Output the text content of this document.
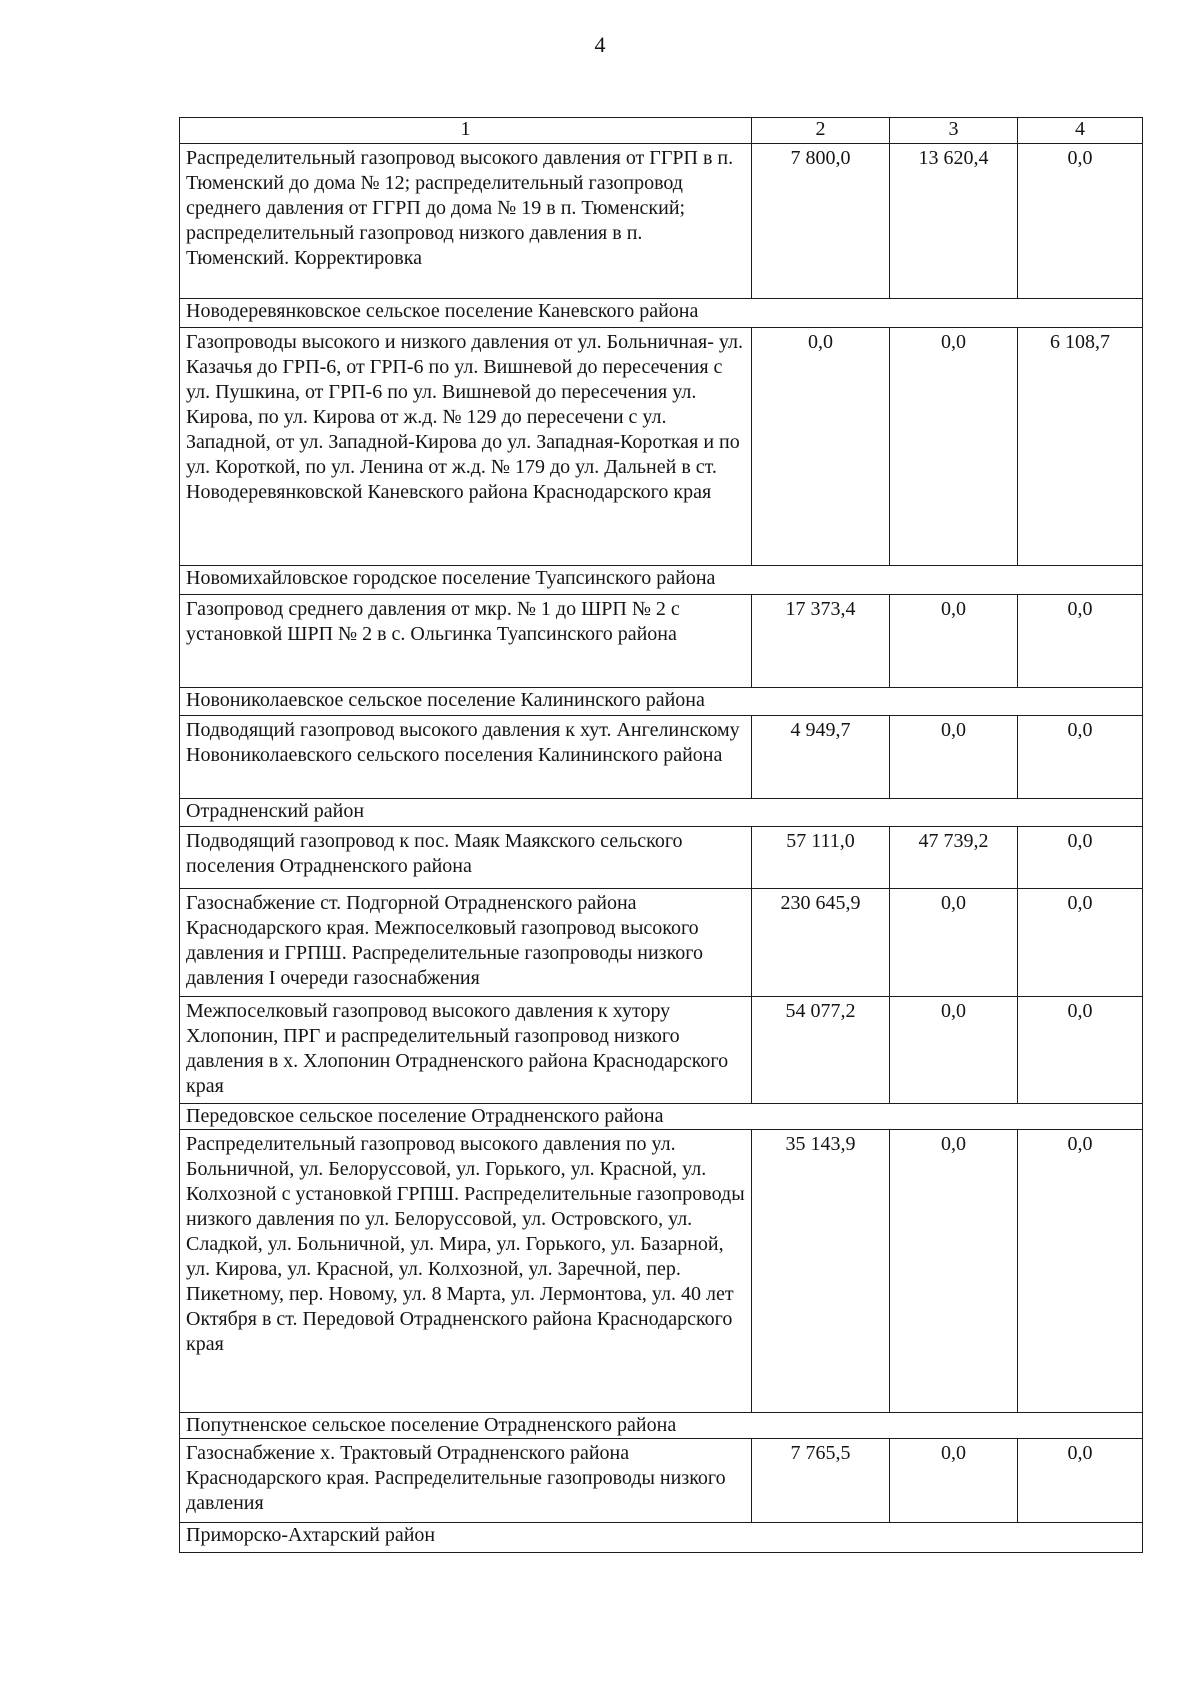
4
1	2	3	4
Распределительный газопровод высокого давления от ГГРП в п. Тюменский до дома № 12; распределительный газопровод среднего давления от ГГРП до дома № 19 в п. Тюменский; распределительный газопровод низкого давления в п. Тюменский. Корректировка	7 800,0	13 620,4	0,0
Новодеревянковское сельское поселение Каневского района			
Газопроводы высокого и низкого давления от ул. Больничная- ул. Казачья до ГРП-6, от ГРП-6 по ул. Вишневой до пересечения с ул. Пушкина, от ГРП-6 по ул. Вишневой до пересечения ул. Кирова, по ул. Кирова от ж.д. № 129 до пересечени с ул. Западной, от ул. Западной-Кирова до ул. Западная-Короткая и по ул. Короткой, по ул. Ленина от ж.д. № 179 до ул. Дальней в ст. Новодеревянковской Каневского района Краснодарского края	0,0	0,0	6 108,7
Новомихайловское городское поселение Туапсинского района			
Газопровод среднего давления от мкр. № 1 до ШРП № 2 с установкой ШРП № 2 в с. Ольгинка Туапсинского района	17 373,4	0,0	0,0
Новониколаевское сельское поселение Калининского района			
Подводящий газопровод высокого давления к хут. Ангелинскому Новониколаевского сельского поселения Калининского района	4 949,7	0,0	0,0
Отрадненский район			
Подводящий газопровод к пос. Маяк Маякского сельского поселения Отрадненского района	57 111,0	47 739,2	0,0
Газоснабжение ст. Подгорной Отрадненского района Краснодарского края. Межпоселковый газопровод высокого давления и ГРПШ. Распределительные газопроводы низкого давления I очереди газоснабжения	230 645,9	0,0	0,0
Межпоселковый газопровод высокого давления к хутору Хлопонин, ПРГ и распределительный газопровод низкого давления в х. Хлопонин Отрадненского района Краснодарского края	54 077,2	0,0	0,0
Передовское сельское поселение Отрадненского района			
Распределительный газопровод высокого давления по ул. Больничной, ул. Белоруссовой, ул. Горького, ул. Красной, ул. Колхозной с установкой ГРПШ. Распределительные газопроводы низкого давления по ул. Белоруссовой, ул. Островского, ул. Сладкой, ул. Больничной, ул. Мира, ул. Горького, ул. Базарной, ул. Кирова, ул. Красной, ул. Колхозной, ул. Заречной, пер. Пикетному, пер. Новому, ул. 8 Марта, ул. Лермонтова, ул. 40 лет Октября в ст. Передовой Отрадненского района Краснодарского края	35 143,9	0,0	0,0
Попутненское сельское поселение Отрадненского района			
Газоснабжение х. Трактовый Отрадненского района Краснодарского края. Распределительные газопроводы низкого давления	7 765,5	0,0	0,0
Приморско-Ахтарский район			
